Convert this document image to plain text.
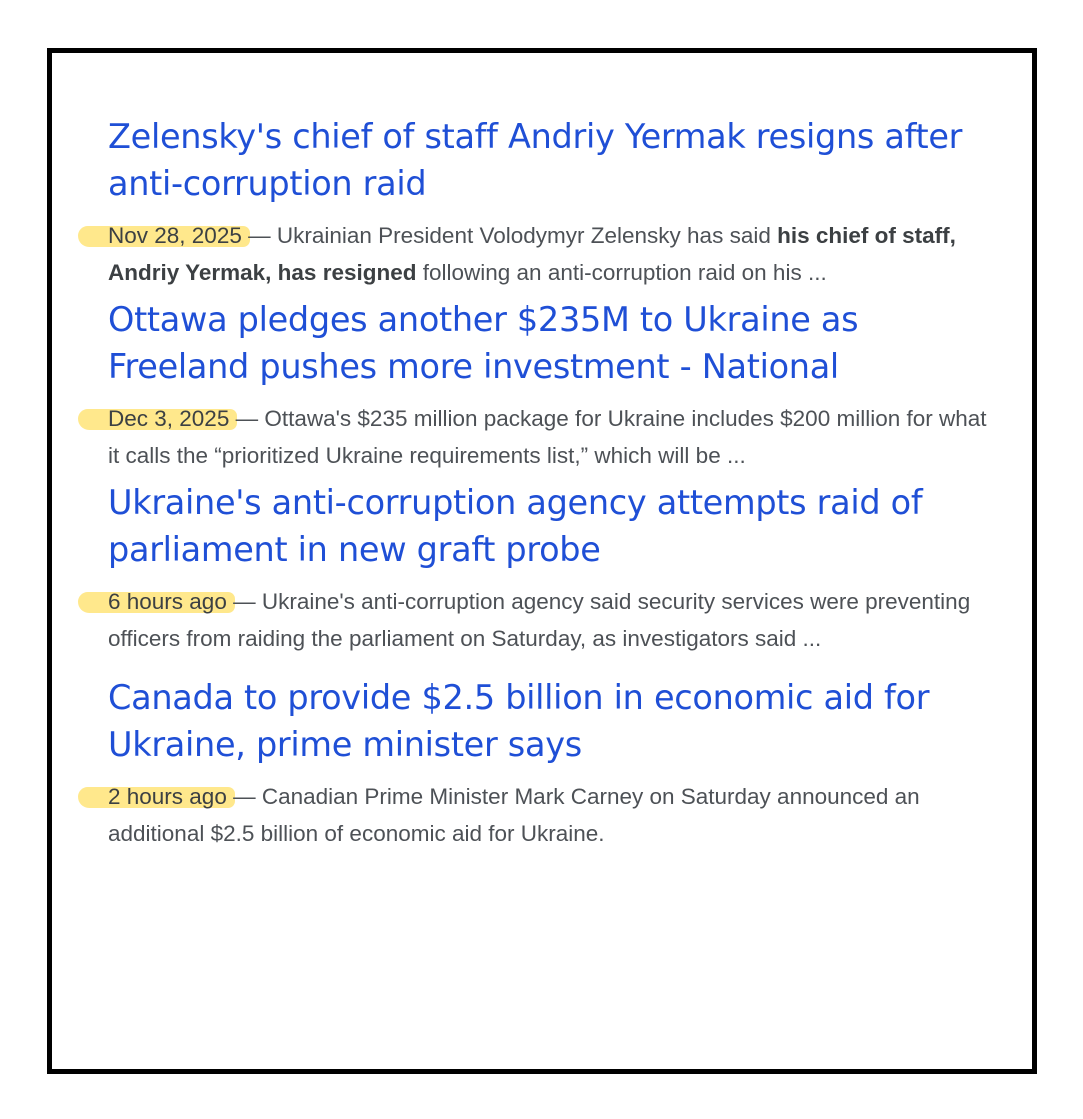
Zelensky's chief of staff Andriy Yermak resigns after
anti-corruption raid
Nov 28, 2025 — Ukrainian President Volodymyr Zelensky has said his chief of staff, Andriy Yermak, has resigned following an anti-corruption raid on his ...
Ottawa pledges another $235M to Ukraine as
Freeland pushes more investment - National
Dec 3, 2025 — Ottawa's $235 million package for Ukraine includes $200 million for what it calls the “prioritized Ukraine requirements list,” which will be ...
Ukraine's anti-corruption agency attempts raid of
parliament in new graft probe
6 hours ago — Ukraine's anti-corruption agency said security services were preventing officers from raiding the parliament on Saturday, as investigators said ...
Canada to provide $2.5 billion in economic aid for
Ukraine, prime minister says
2 hours ago — Canadian Prime Minister Mark Carney on Saturday announced an additional $2.5 billion of economic aid for Ukraine.
